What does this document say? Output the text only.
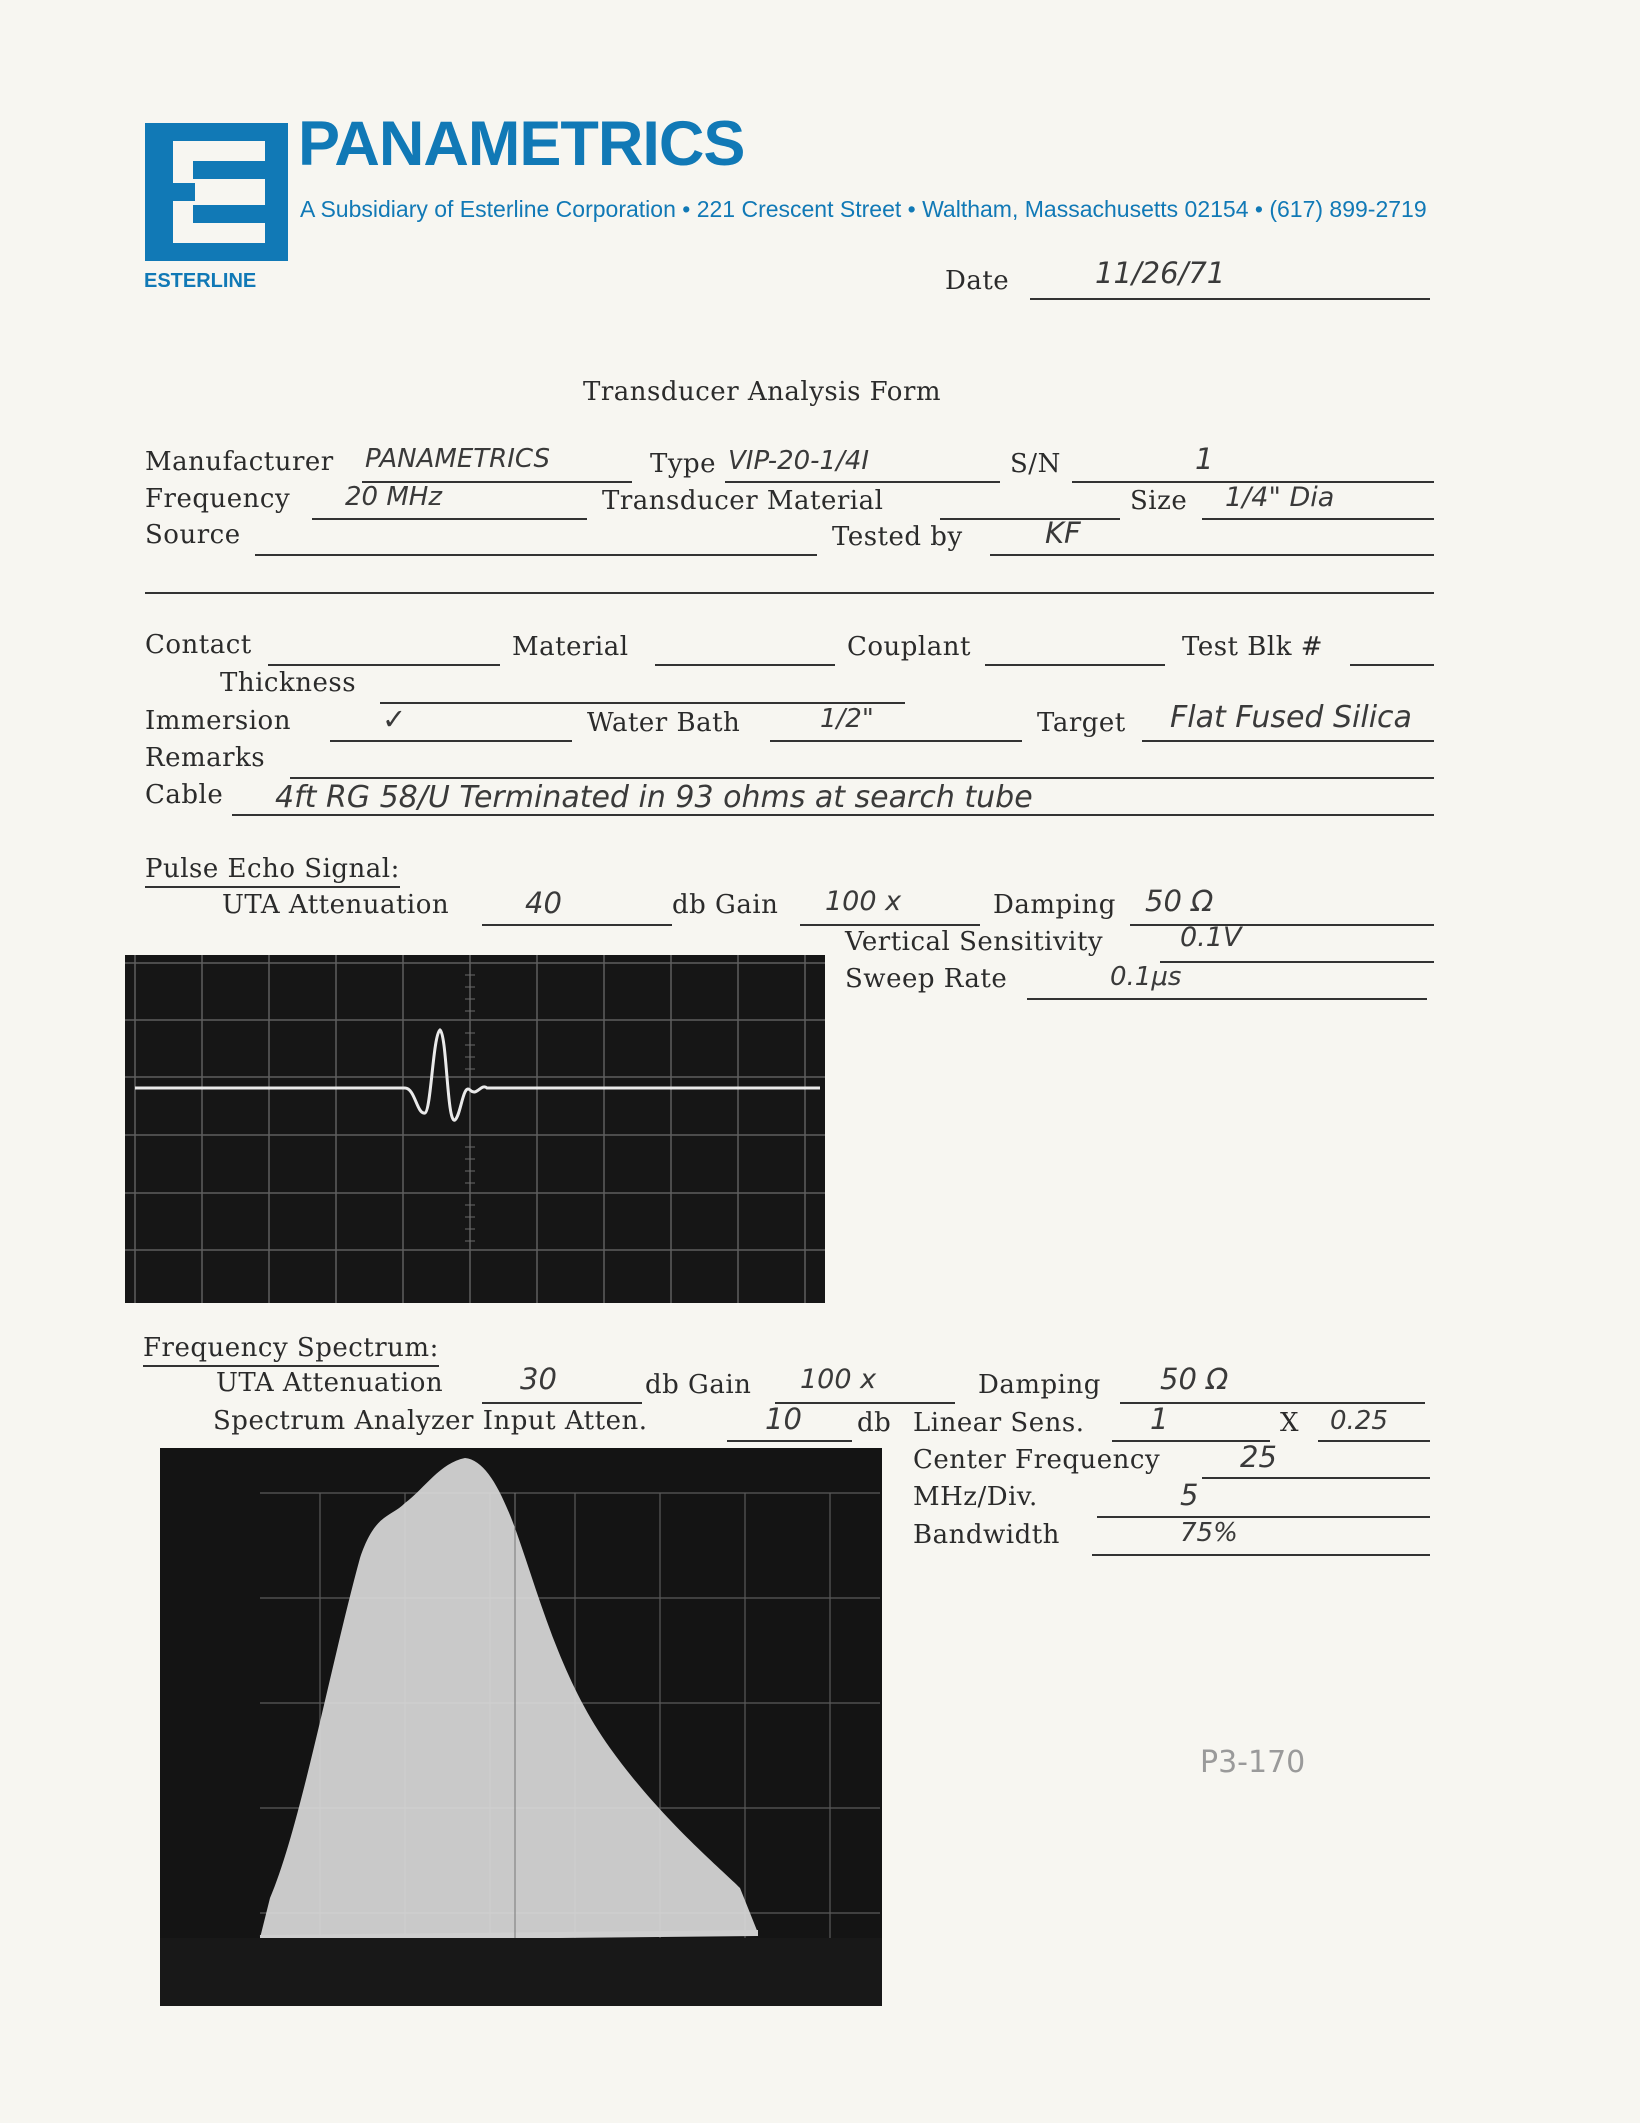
PANAMETRICS
A Subsidiary of Esterline Corporation • 221 Crescent Street • Waltham, Massachusetts 02154 • (617) 899-2719
ESTERLINE	Date	11/26/71
Transducer Analysis Form
Manufacturer PANAMETRICS	Type VIP-20-1/4I	S/N	1
Frequency 20 MHz	Transducer Material	Size 1/4" Dia
Source	Tested by	KF
Contact	Material	Couplant	Test Blk #
Thickness
Immersion	✓	Water Bath	1/2"	Target Flat Fused Silica
Remarks
Cable 4ft RG 58/U Terminated in 93 ohms at search tube
Pulse Echo Signal:
UTA Attenuation	40	db Gain 100 x	Damping 50 Ω
Vertical Sensitivity	0.1V
Sweep Rate	0.1μs
Frequency Spectrum:
UTA Attenuation	30	db Gain 100 x	Damping 50 Ω
Spectrum Analyzer Input Atten.	10 db Linear Sens. 1	X 0.25
Center Frequency	25
MHz/Div.	5
Bandwidth	75%
P3-170
